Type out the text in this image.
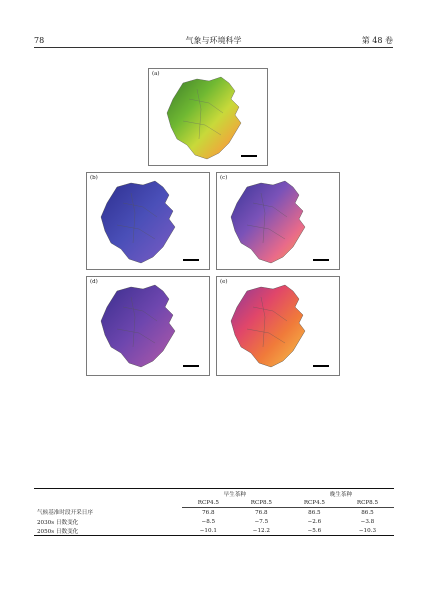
78	气象与环境科学	第 48 卷
(a)
(b)	(c)
(d)	(e)
	早生茶种		晚生茶种	
	RCP4.5	RCP8.5	RCP4.5	RCP8.5
气候基准时段开采日序	76.8	76.8	86.5	86.5
2030s 日数变化	−8.5	−7.5	−2.6	−3.8
2050s 日数变化	−10.1	−12.2	−5.6	−10.3
